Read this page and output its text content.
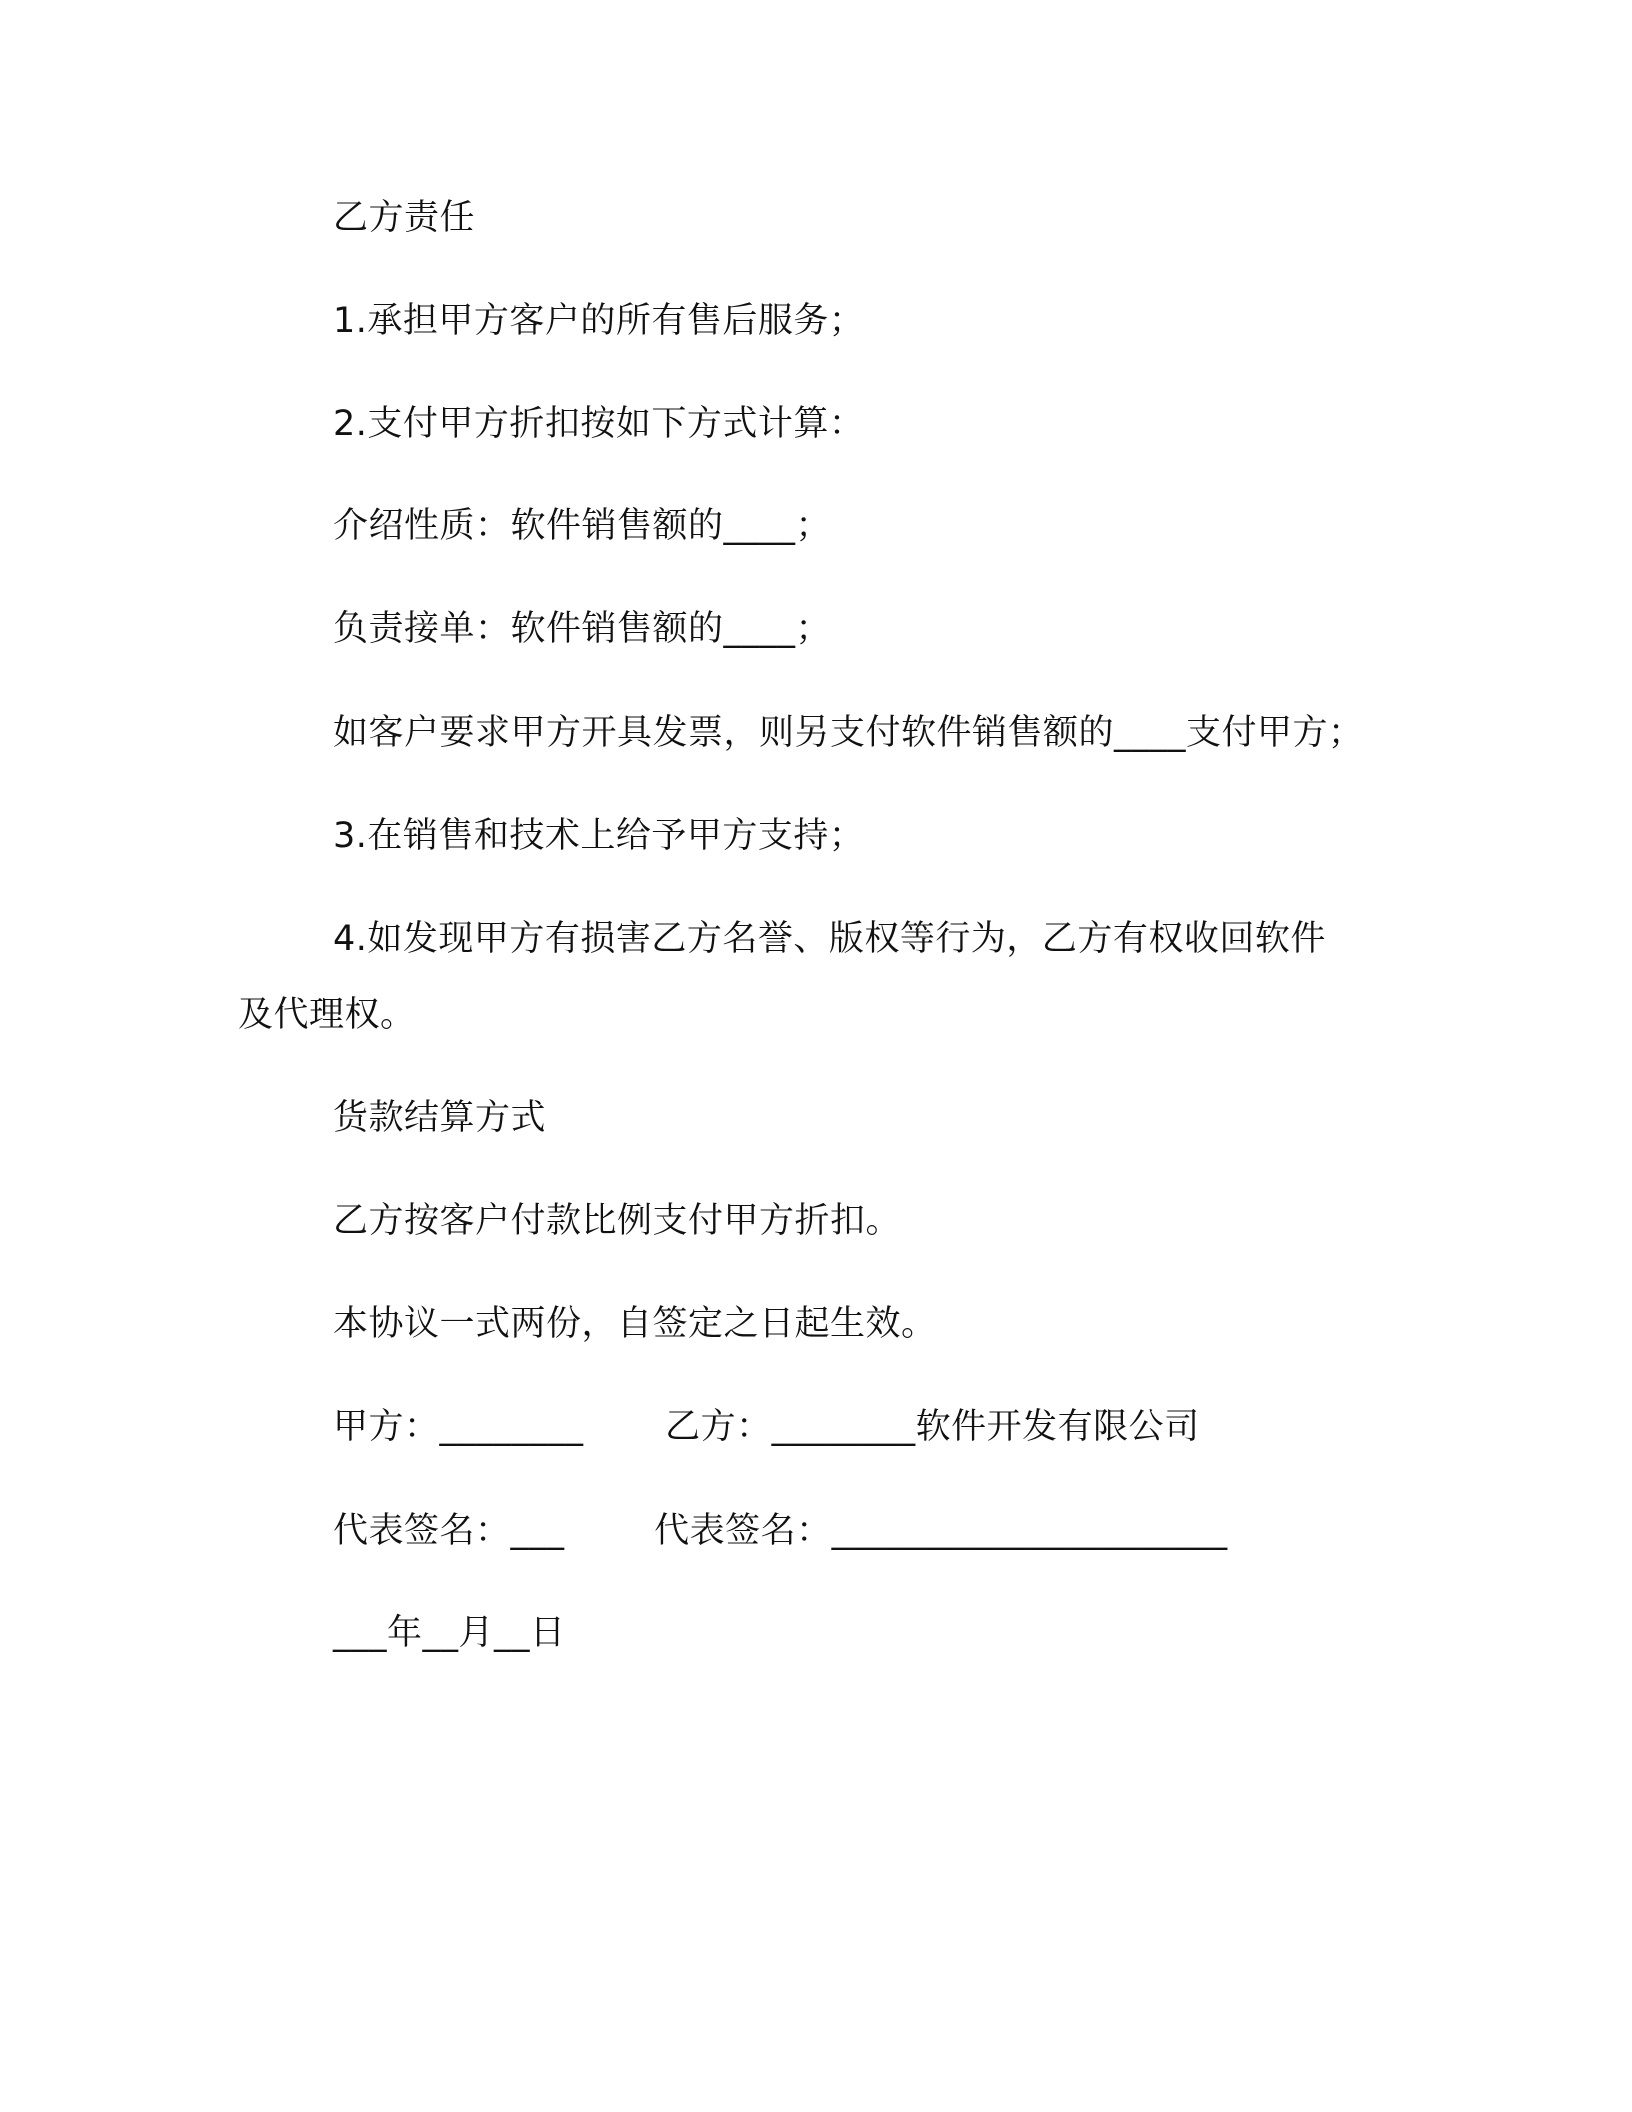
乙方责任
1.承担甲方客户的所有售后服务；
2.支付甲方折扣按如下方式计算：
介绍性质：软件销售额的____；
负责接单：软件销售额的____；
如客户要求甲方开具发票，则另支付软件销售额的____支付甲方；
3.在销售和技术上给予甲方支持；
4.如发现甲方有损害乙方名誉、版权等行为，乙方有权收回软件
及代理权。
货款结算方式
乙方按客户付款比例支付甲方折扣。
本协议一式两份，自签定之日起生效。
甲方：________ 乙方：________软件开发有限公司
代表签名：___	代表签名：______________________
___年__月__日
